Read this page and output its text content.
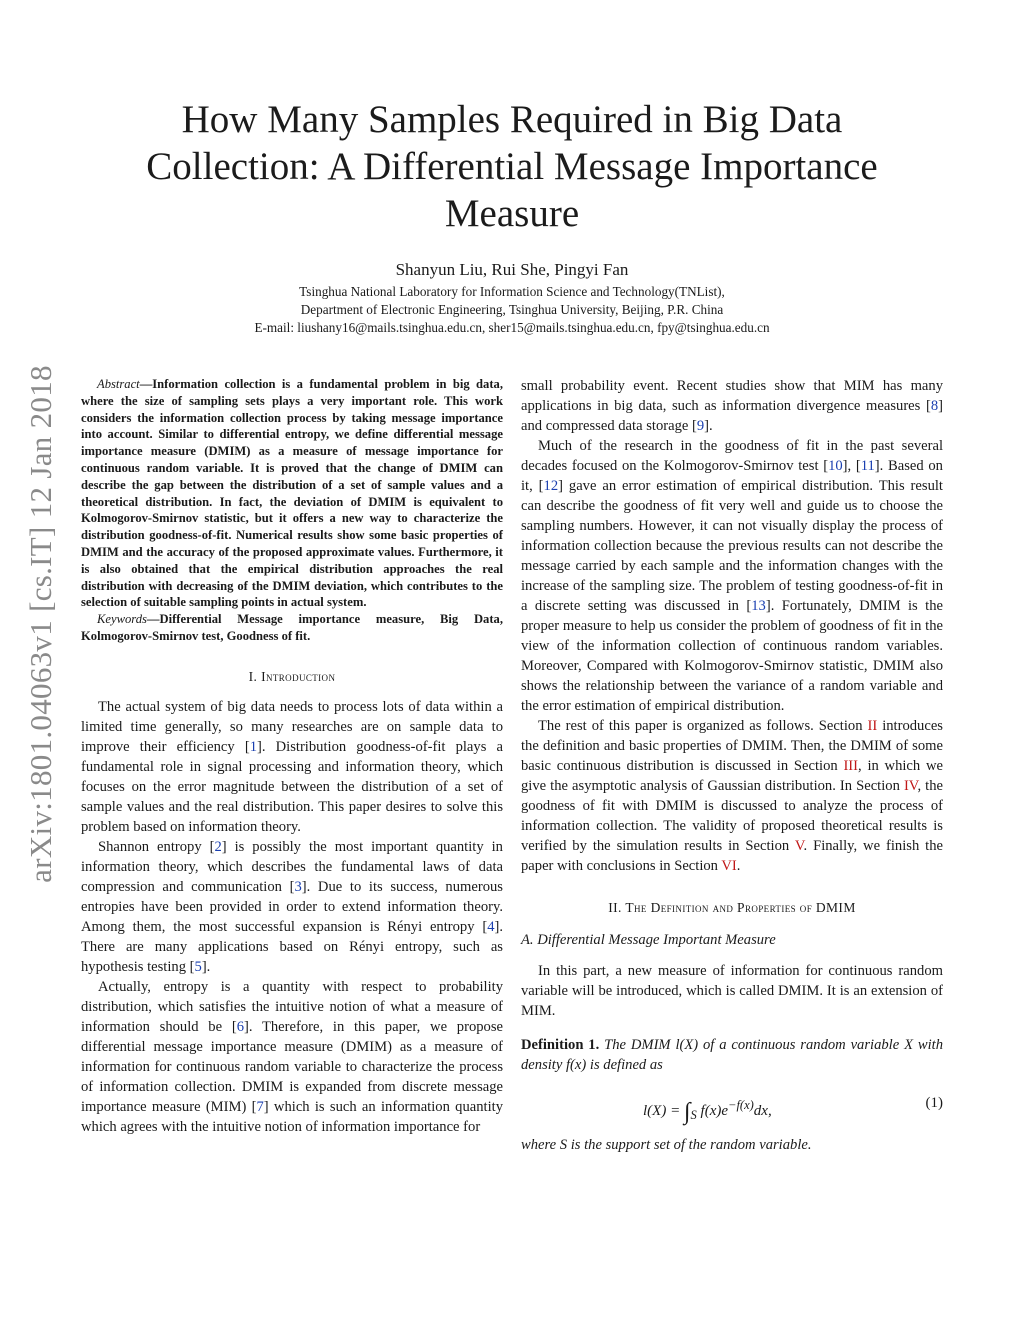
arXiv:1801.04063v1 [cs.IT] 12 Jan 2018
How Many Samples Required in Big Data Collection: A Differential Message Importance Measure
Shanyun Liu, Rui She, Pingyi Fan
Tsinghua National Laboratory for Information Science and Technology(TNList),
Department of Electronic Engineering, Tsinghua University, Beijing, P.R. China
E-mail: liushany16@mails.tsinghua.edu.cn, sher15@mails.tsinghua.edu.cn, fpy@tsinghua.edu.cn

Abstract—Information collection is a fundamental problem in big data, where the size of sampling sets plays a very important role. This work considers the information collection process by taking message importance into account. Similar to differential entropy, we define differential message importance measure (DMIM) as a measure of message importance for continuous random variable. It is proved that the change of DMIM can describe the gap between the distribution of a set of sample values and a theoretical distribution. In fact, the deviation of DMIM is equivalent to Kolmogorov-Smirnov statistic, but it offers a new way to characterize the distribution goodness-of-fit. Numerical results show some basic properties of DMIM and the accuracy of the proposed approximate values. Furthermore, it is also obtained that the empirical distribution approaches the real distribution with decreasing of the DMIM deviation, which contributes to the selection of suitable sampling points in actual system.

Keywords—Differential Message importance measure, Big Data, Kolmogorov-Smirnov test, Goodness of fit.

I. Introduction

The actual system of big data needs to process lots of data within a limited time generally, so many researches are on sample data to improve their efficiency [1]. Distribution goodness-of-fit plays a fundamental role in signal processing and information theory, which focuses on the error magnitude between the distribution of a set of sample values and the real distribution. This paper desires to solve this problem based on information theory.

Shannon entropy [2] is possibly the most important quantity in information theory, which describes the fundamental laws of data compression and communication [3]. Due to its success, numerous entropies have been provided in order to extend information theory. Among them, the most successful expansion is Rényi entropy [4]. There are many applications based on Rényi entropy, such as hypothesis testing [5].

Actually, entropy is a quantity with respect to probability distribution, which satisfies the intuitive notion of what a measure of information should be [6]. Therefore, in this paper, we propose differential message importance measure (DMIM) as a measure of information for continuous random variable to characterize the process of information collection. DMIM is expanded from discrete message importance measure (MIM) [7] which is such an information quantity which agrees with the intuitive notion of information importance for

small probability event. Recent studies show that MIM has many applications in big data, such as information divergence measures [8] and compressed data storage [9].

Much of the research in the goodness of fit in the past several decades focused on the Kolmogorov-Smirnov test [10], [11]. Based on it, [12] gave an error estimation of empirical distribution. This result can describe the goodness of fit very well and guide us to choose the sampling numbers. However, it can not visually display the process of information collection because the previous results can not describe the message carried by each sample and the information changes with the increase of the sampling size. The problem of testing goodness-of-fit in a discrete setting was discussed in [13]. Fortunately, DMIM is the proper measure to help us consider the problem of goodness of fit in the view of the information collection of continuous random variables. Moreover, Compared with Kolmogorov-Smirnov statistic, DMIM also shows the relationship between the variance of a random variable and the error estimation of empirical distribution.

The rest of this paper is organized as follows. Section II introduces the definition and basic properties of DMIM. Then, the DMIM of some basic continuous distribution is discussed in Section III, in which we give the asymptotic analysis of Gaussian distribution. In Section IV, the goodness of fit with DMIM is discussed to analyze the process of information collection. The validity of proposed theoretical results is verified by the simulation results in Section V. Finally, we finish the paper with conclusions in Section VI.

II. The Definition and Properties of DMIM
A. Differential Message Important Measure

In this part, a new measure of information for continuous random variable will be introduced, which is called DMIM. It is an extension of MIM.

Definition 1. The DMIM l(X) of a continuous random variable X with density f(x) is defined as

$l(X) = \int_S$ $f(x)e^{-f(x)}dx$,	(1)

where S is the support set of the random variable.
